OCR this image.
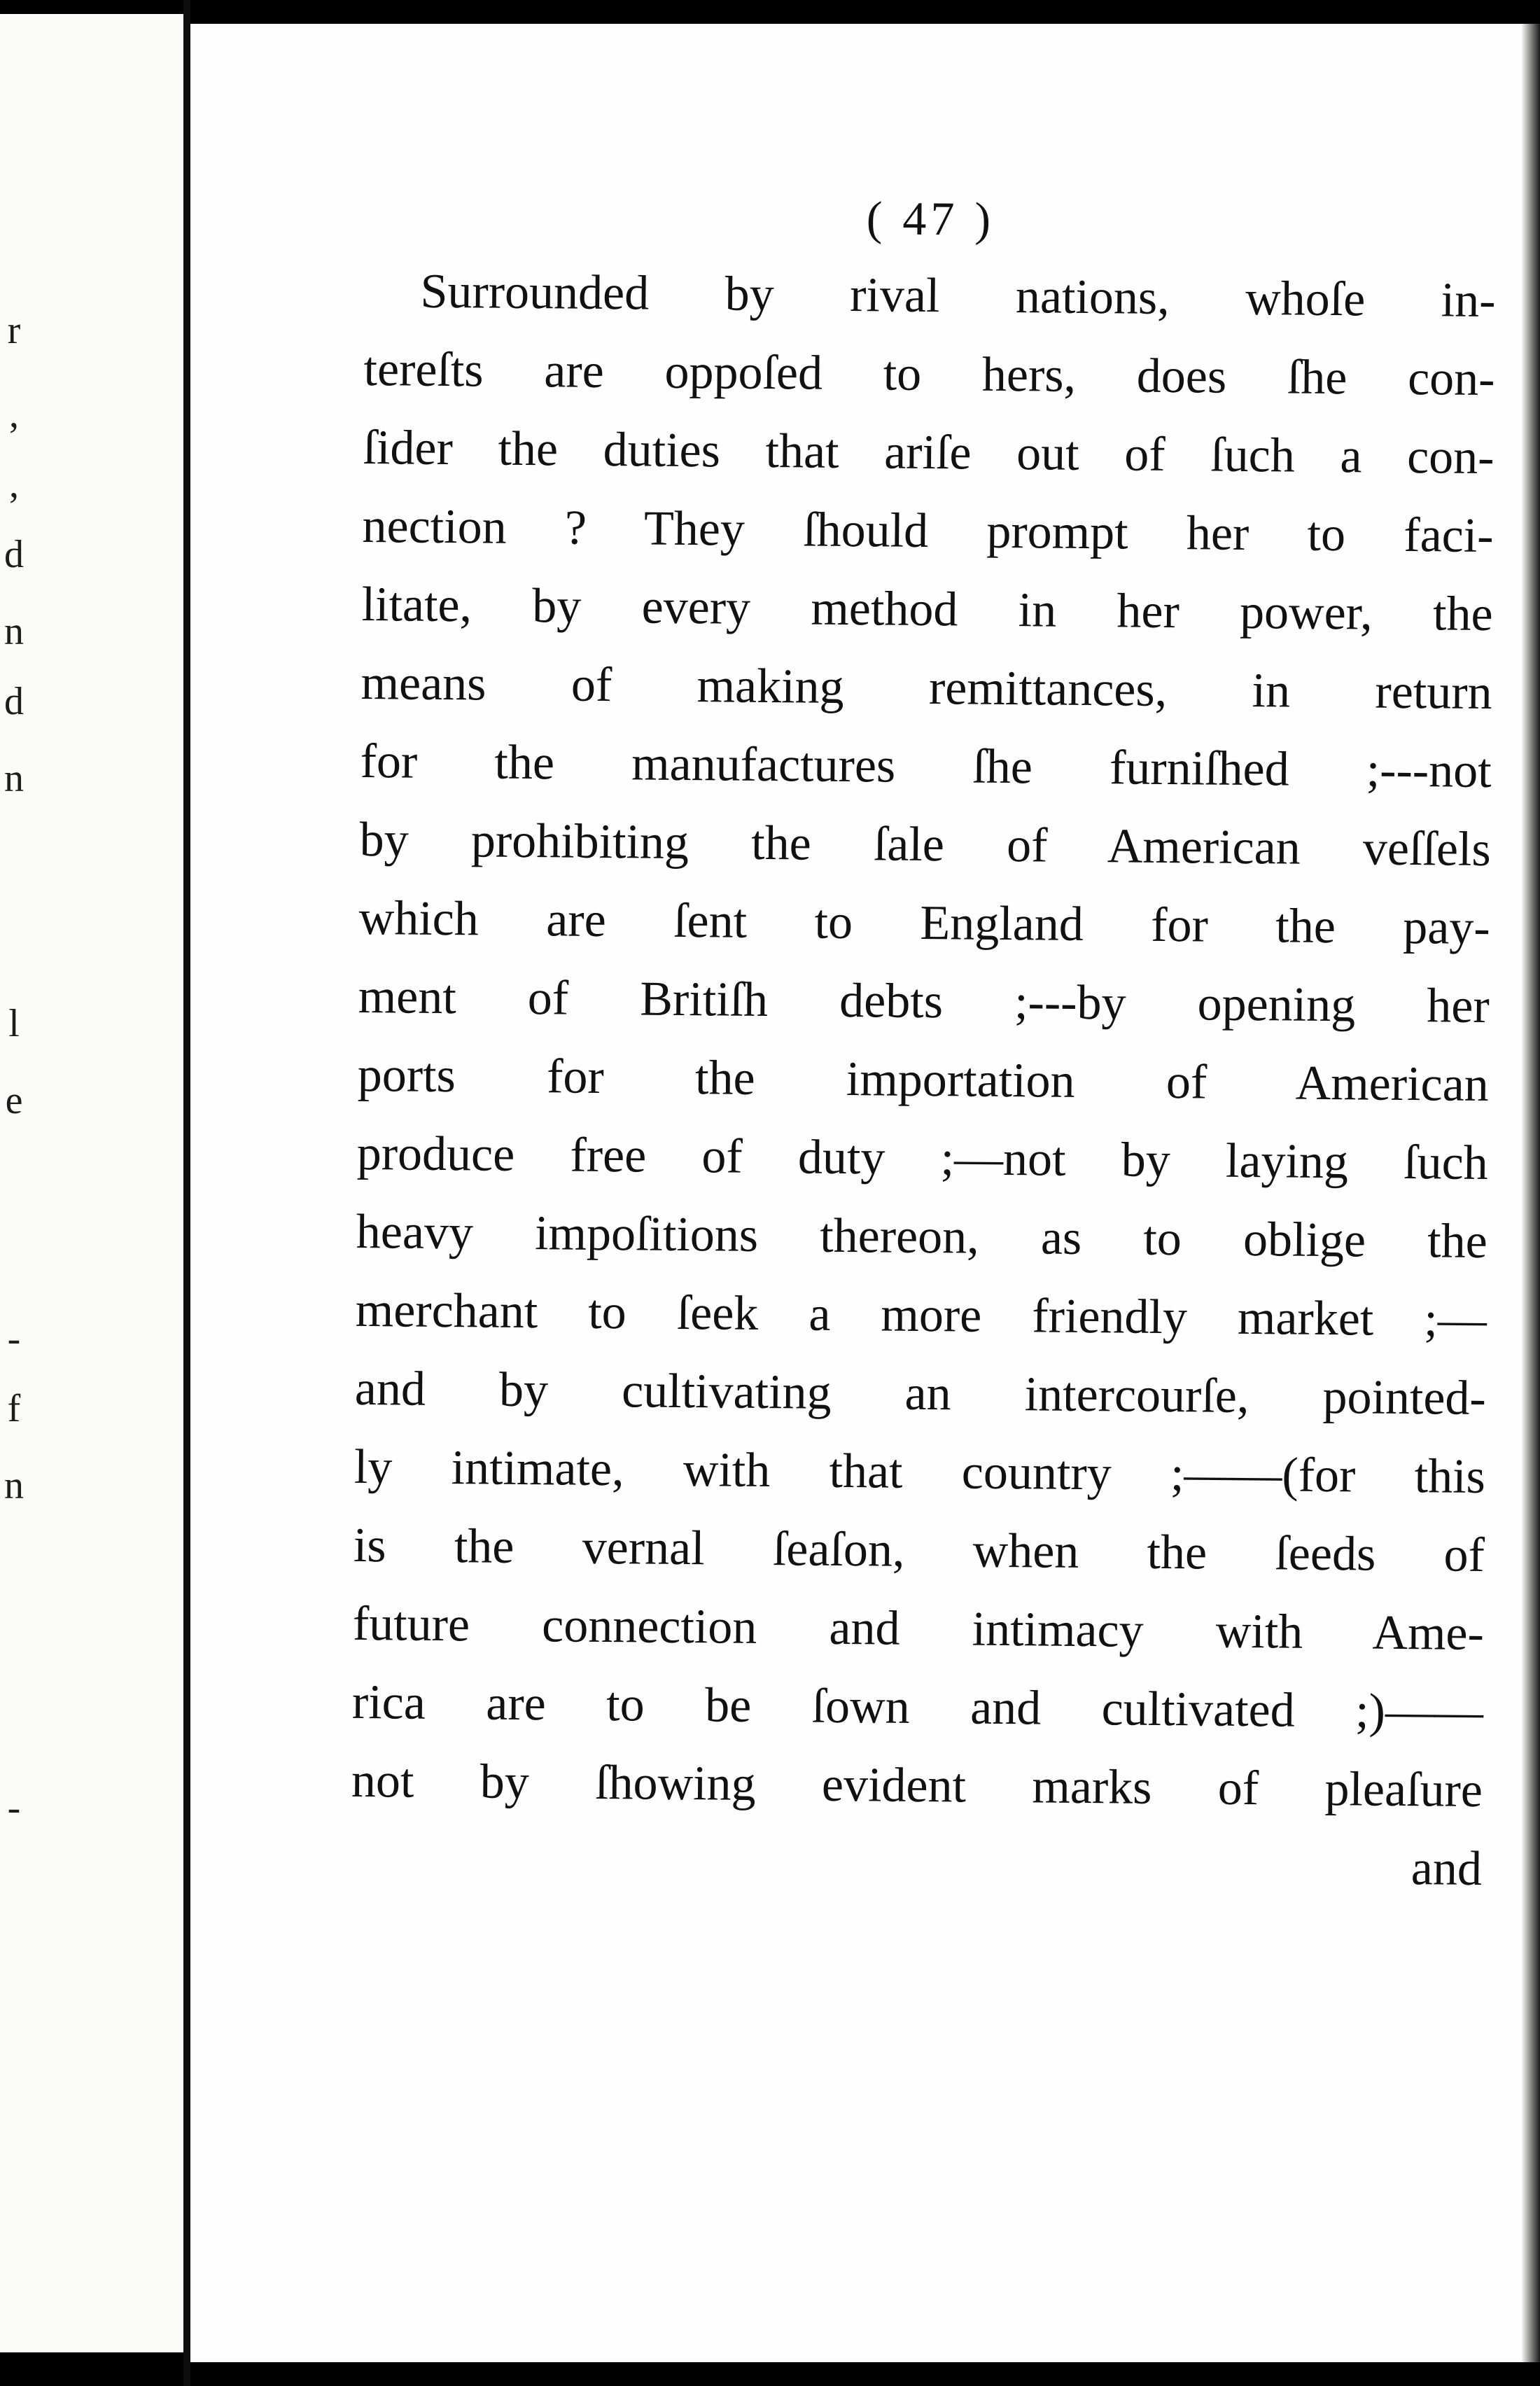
r
,
,
d
n
d
n
l
e
-
f
n
-
( 47 )
Surrounded by rival nations, whoſe in-
tereſts are oppoſed to hers, does ſhe con-
ſider the duties that ariſe out of ſuch a con-
nection ? They ſhould prompt her to faci-
litate, by every method in her power, the
means of making remittances, in return
for the manufactures ſhe furniſhed ;---not
by prohibiting the ſale of American veſſels
which are ſent to England for the pay-
ment of Britiſh debts ;---by opening her
ports for the importation of American
produce free of duty ;—not by laying ſuch
heavy impoſitions thereon, as to oblige the
merchant to ſeek a more friendly market ;—
and by cultivating an intercourſe, pointed-
ly intimate, with that country ;——(for this
is the vernal ſeaſon, when the ſeeds of
future connection and intimacy with Ame-
rica are to be ſown and cultivated ;)——
not by ſhowing evident marks of pleaſure
and
